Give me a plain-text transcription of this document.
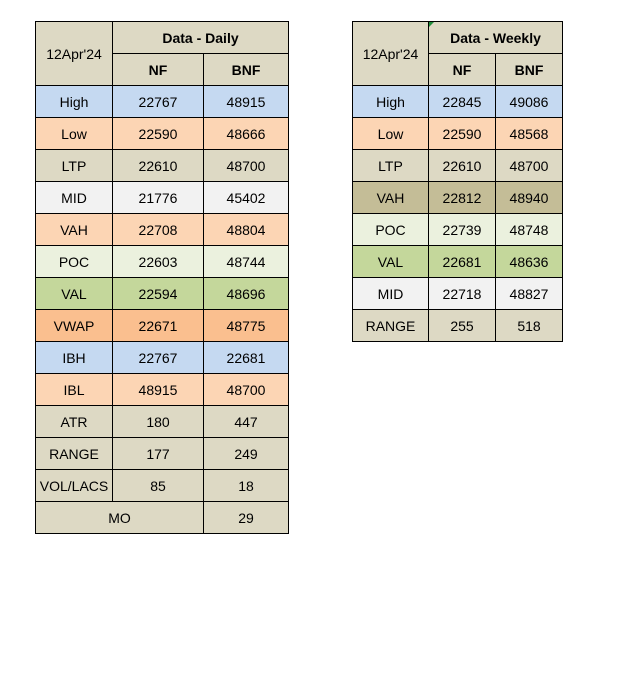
12Apr'24	Data - Daily	
	NF	BNF
High	22767	48915
Low	22590	48666
LTP	22610	48700
MID	21776	45402
VAH	22708	48804
POC	22603	48744
VAL	22594	48696
VWAP	22671	48775
IBH	22767	22681
IBL	48915	48700
ATR	180	447
RANGE	177	249
VOL/LACS	85	18
MO		29
12Apr'24	Data - Weekly	
	NF	BNF
High	22845	49086
Low	22590	48568
LTP	22610	48700
VAH	22812	48940
POC	22739	48748
VAL	22681	48636
MID	22718	48827
RANGE	255	518
